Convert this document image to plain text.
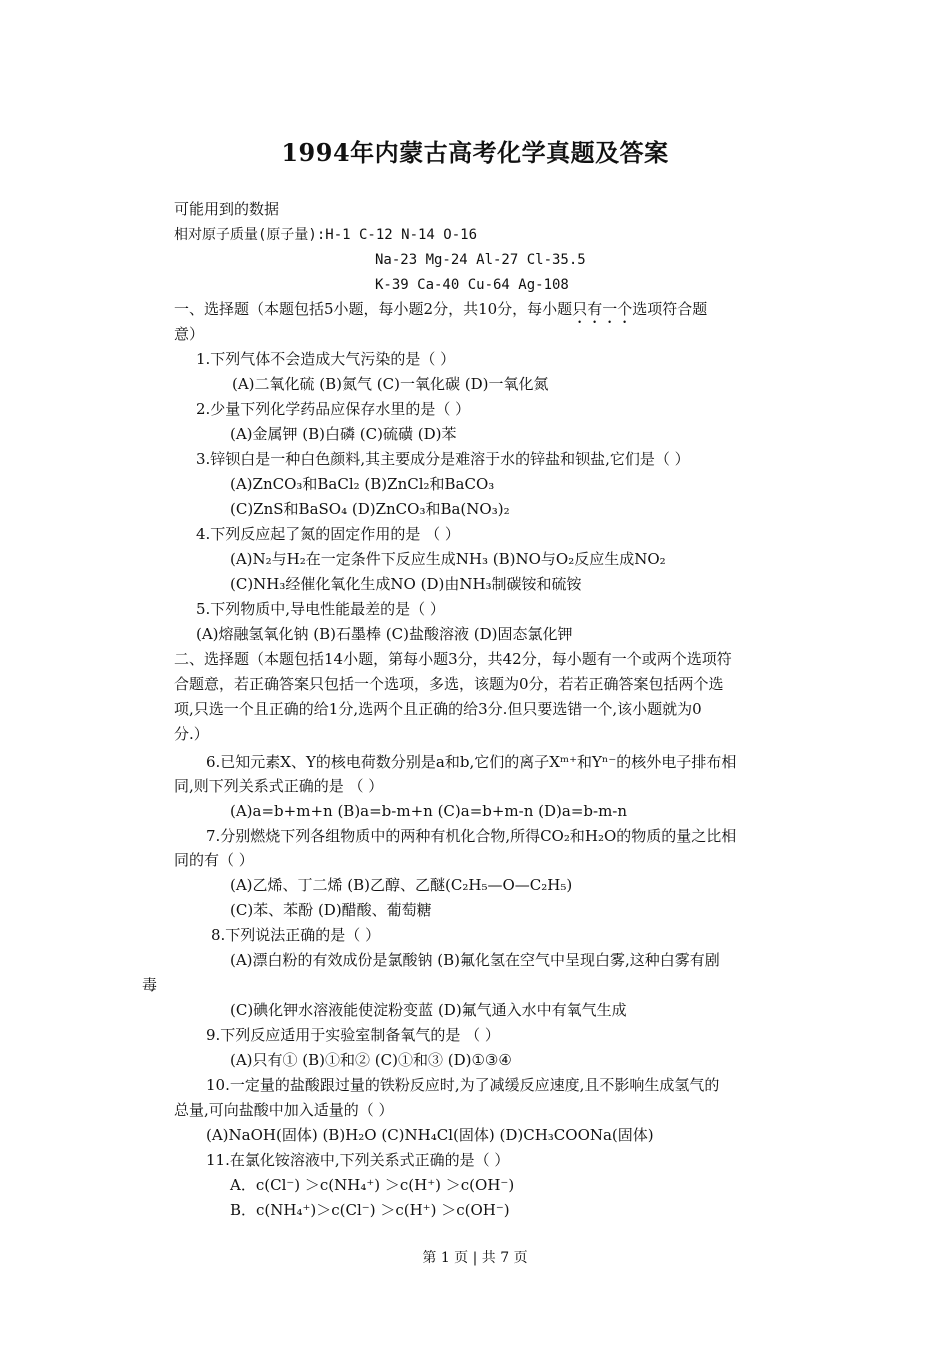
1994年内蒙古高考化学真题及答案
可能用到的数据
相对原子质量(原子量):H-1 C-12 N-14 O-16
Na-23 Mg-24 Al-27 Cl-35.5
K-39 Ca-40 Cu-64 Ag-108
一、选择题（本题包括5小题，每小题2分，共10分，每小题只有一个选项符合题
意）
1.下列气体不会造成大气污染的是（ ）
(A)二氧化硫 (B)氮气 (C)一氧化碳 (D)一氧化氮
2.少量下列化学药品应保存水里的是（ ）
(A)金属钾 (B)白磷 (C)硫磺 (D)苯
3.锌钡白是一种白色颜料,其主要成分是难溶于水的锌盐和钡盐,它们是（ ）
(A)ZnCO₃和BaCl₂ (B)ZnCl₂和BaCO₃
(C)ZnS和BaSO₄ (D)ZnCO₃和Ba(NO₃)₂
4.下列反应起了氮的固定作用的是 （ ）
(A)N₂与H₂在一定条件下反应生成NH₃ (B)NO与O₂反应生成NO₂
(C)NH₃经催化氧化生成NO (D)由NH₃制碳铵和硫铵
5.下列物质中,导电性能最差的是（ ）
(A)熔融氢氧化钠 (B)石墨棒 (C)盐酸溶液 (D)固态氯化钾
二、选择题（本题包括14小题，第每小题3分，共42分，每小题有一个或两个选项符
合题意，若正确答案只包括一个选项，多选，该题为0分，若若正确答案包括两个选
项,只选一个且正确的给1分,选两个且正确的给3分.但只要选错一个,该小题就为0
分.）
6.已知元素X、Y的核电荷数分别是a和b,它们的离子Xᵐ⁺和Yⁿ⁻的核外电子排布相
同,则下列关系式正确的是 （ ）
(A)a=b+m+n (B)a=b-m+n (C)a=b+m-n (D)a=b-m-n
7.分别燃烧下列各组物质中的两种有机化合物,所得CO₂和H₂O的物质的量之比相
同的有（ ）
(A)乙烯、丁二烯 (B)乙醇、乙醚(C₂H₅—O—C₂H₅)
(C)苯、苯酚 (D)醋酸、葡萄糖
8.下列说法正确的是（ ）
(A)漂白粉的有效成份是氯酸钠 (B)氟化氢在空气中呈现白雾,这种白雾有剧
毒
(C)碘化钾水溶液能使淀粉变蓝 (D)氟气通入水中有氧气生成
9.下列反应适用于实验室制备氧气的是 （ ）
(A)只有① (B)①和② (C)①和③ (D)①③④
10.一定量的盐酸跟过量的铁粉反应时,为了减缓反应速度,且不影响生成氢气的
总量,可向盐酸中加入适量的（ ）
(A)NaOH(固体) (B)H₂O (C)NH₄Cl(固体) (D)CH₃COONa(固体)
11.在氯化铵溶液中,下列关系式正确的是（ ）
A．c(Cl⁻) ＞c(NH₄⁺) ＞c(H⁺) ＞c(OH⁻)
B．c(NH₄⁺)＞c(Cl⁻) ＞c(H⁺) ＞c(OH⁻)
第 1 页 | 共 7 页
